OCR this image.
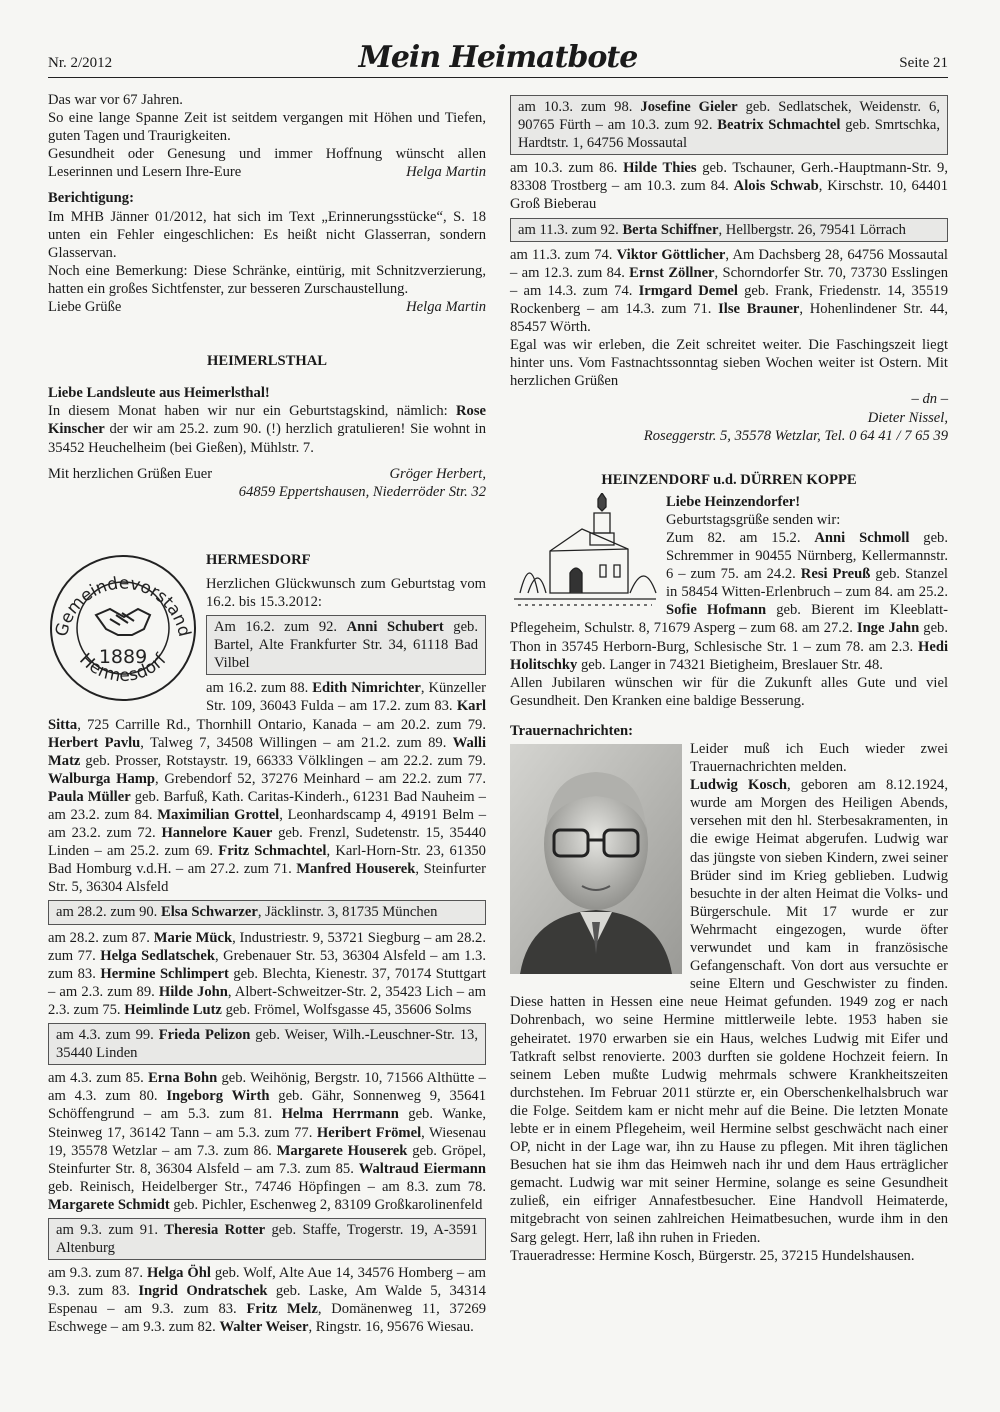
Nr. 2/2012	Mein Heimatbote	Seite 21

Das war vor 67 Jahren.

So eine lange Spanne Zeit ist seitdem vergangen mit Höhen und Tiefen, guten Tagen und Traurigkeiten.

Gesundheit oder Genesung und immer Hoffnung wünscht allen Leserinnen und Lesern Ihre-Eure	Helga Martin

Berichtigung:

Im MHB Jänner 01/2012, hat sich im Text „Erinnerungsstücke“, S. 18 unten ein Fehler eingeschlichen: Es heißt nicht Glasserran, sondern Glasservan.

Noch eine Bemerkung: Diese Schränke, eintürig, mit Schnitzverzierung, hatten ein großes Sichtfenster, zur besseren Zurschaustellung.

Liebe Grüße	Helga Martin

HEIMERLSTHAL

Liebe Landsleute aus Heimerlsthal!

In diesem Monat haben wir nur ein Geburtstagskind, nämlich: Rose Kinscher der wir am 25.2. zum 90. (!) herzlich gratulieren! Sie wohnt in 35452 Heuchelheim (bei Gießen), Mühlstr. 7.

Mit herzlichen Grüßen Euer	Gröger Herbert,

64859 Eppertshausen, Niederröder Str. 32

Gemeindevorstand
Hermesdorf
1889

HERMESDORF

Herzlichen Glückwunsch zum Geburtstag vom 16.2. bis 15.3.2012:

Am 16.2. zum 92. Anni Schubert geb. Bartel, Alte Frankfurter Str. 34, 61118 Bad Vilbel

am 16.2. zum 88. Edith Nimrichter, Künzeller Str. 109, 36043 Fulda – am 17.2. zum 83. Karl Sitta, 725 Carrille Rd., Thornhill Ontario, Kanada – am 20.2. zum 79. Herbert Pavlu, Talweg 7, 34508 Willingen – am 21.2. zum 89. Walli Matz geb. Prosser, Rotstaystr. 19, 66333 Völklingen – am 22.2. zum 79. Walburga Hamp, Grebendorf 52, 37276 Meinhard – am 22.2. zum 77. Paula Müller geb. Barfuß, Kath. Caritas-Kinderh., 61231 Bad Nauheim – am 23.2. zum 84. Maximilian Grottel, Leonhardscamp 4, 49191 Belm – am 23.2. zum 72. Hannelore Kauer geb. Frenzl, Sudetenstr. 15, 35440 Linden – am 25.2. zum 69. Fritz Schmachtel, Karl-Horn-Str. 23, 61350 Bad Homburg v.d.H. – am 27.2. zum 71. Manfred Houserek, Steinfurter Str. 5, 36304 Alsfeld

am 28.2. zum 90. Elsa Schwarzer, Jäcklinstr. 3, 81735 München

am 28.2. zum 87. Marie Mück, Industriestr. 9, 53721 Siegburg – am 28.2. zum 77. Helga Sedlatschek, Grebenauer Str. 53, 36304 Alsfeld – am 1.3. zum 83. Hermine Schlimpert geb. Blechta, Kienestr. 37, 70174 Stuttgart – am 2.3. zum 89. Hilde John, Albert-Schweitzer-Str. 2, 35423 Lich – am 2.3. zum 75. Heimlinde Lutz geb. Frömel, Wolfsgasse 45, 35606 Solms

am 4.3. zum 99. Frieda Pelizon geb. Weiser, Wilh.-Leuschner-Str. 13, 35440 Linden

am 4.3. zum 85. Erna Bohn geb. Weihönig, Bergstr. 10, 71566 Althütte – am 4.3. zum 80. Ingeborg Wirth geb. Gähr, Sonnenweg 9, 35641 Schöffengrund – am 5.3. zum 81. Helma Herrmann geb. Wanke, Steinweg 17, 36142 Tann – am 5.3. zum 77. Heribert Frömel, Wiesenau 19, 35578 Wetzlar – am 7.3. zum 86. Margarete Houserek geb. Gröpel, Steinfurter Str. 8, 36304 Alsfeld – am 7.3. zum 85. Waltraud Eiermann geb. Reinisch, Heidelberger Str., 74746 Höpfingen – am 8.3. zum 78. Margarete Schmidt geb. Pichler, Eschenweg 2, 83109 Großkarolinenfeld

am 9.3. zum 91. Theresia Rotter geb. Staffe, Trogerstr. 19, A-3591 Altenburg

am 9.3. zum 87. Helga Öhl geb. Wolf, Alte Aue 14, 34576 Homberg – am 9.3. zum 83. Ingrid Ondratschek geb. Laske, Am Walde 5, 34314 Espenau – am 9.3. zum 83. Fritz Melz, Domänenweg 11, 37269 Eschwege – am 9.3. zum 82. Walter Weiser, Ringstr. 16, 95676 Wiesau.

am 10.3. zum 98. Josefine Gieler geb. Sedlatschek, Weidenstr. 6, 90765 Fürth – am 10.3. zum 92. Beatrix Schmachtel geb. Smrtschka, Hardtstr. 1, 64756 Mossautal

am 10.3. zum 86. Hilde Thies geb. Tschauner, Gerh.-Hauptmann-Str. 9, 83308 Trostberg – am 10.3. zum 84. Alois Schwab, Kirschstr. 10, 64401 Groß Bieberau

am 11.3. zum 92. Berta Schiffner, Hellbergstr. 26, 79541 Lörrach

am 11.3. zum 74. Viktor Göttlicher, Am Dachsberg 28, 64756 Mossautal – am 12.3. zum 84. Ernst Zöllner, Schorndorfer Str. 70, 73730 Esslingen – am 14.3. zum 74. Irmgard Demel geb. Frank, Friedenstr. 14, 35519 Rockenberg – am 14.3. zum 71. Ilse Brauner, Hohenlindener Str. 44, 85457 Wörth.

Egal was wir erleben, die Zeit schreitet weiter. Die Faschingszeit liegt hinter uns. Vom Fastnachtssonntag sieben Wochen weiter ist Ostern. Mit herzlichen Grüßen

– dn –

Dieter Nissel,

Roseggerstr. 5, 35578 Wetzlar, Tel. 0 64 41 / 7 65 39

HEINZENDORF u.d. DÜRREN KOPPE

Liebe Heinzendorfer!

Geburtstagsgrüße senden wir:

Zum 82. am 15.2. Anni Schmoll geb. Schremmer in 90455 Nürnberg, Kellermannstr. 6 – zum 75. am 24.2. Resi Preuß geb. Stanzel in 58454 Witten-Erlenbruch – zum 84. am 25.2. Sofie Hofmann geb. Bierent im Kleeblatt-Pflegeheim, Schulstr. 8, 71679 Asperg – zum 68. am 27.2. Inge Jahn geb. Thon in 35745 Herborn-Burg, Schlesische Str. 1 – zum 78. am 2.3. Hedi Holitschky geb. Langer in 74321 Bietigheim, Breslauer Str. 48.

Allen Jubilaren wünschen wir für die Zukunft alles Gute und viel Gesundheit. Den Kranken eine baldige Besserung.

Trauernachrichten:

Leider muß ich Euch wieder zwei Trauernachrichten melden.

Ludwig Kosch, geboren am 8.12.1924, wurde am Morgen des Heiligen Abends, versehen mit den hl. Sterbesakramenten, in die ewige Heimat abgerufen. Ludwig war das jüngste von sieben Kindern, zwei seiner Brüder sind im Krieg geblieben. Ludwig besuchte in der alten Heimat die Volks- und Bürgerschule. Mit 17 wurde er zur Wehrmacht eingezogen, wurde öfter verwundet und kam in französische Gefangenschaft. Von dort aus versuchte er seine Eltern und Geschwister zu finden. Diese hatten in Hessen eine neue Heimat gefunden. 1949 zog er nach Dohrenbach, wo seine Hermine mittlerweile lebte. 1953 haben sie geheiratet. 1970 erwarben sie ein Haus, welches Ludwig mit Eifer und Tatkraft selbst renovierte. 2003 durften sie goldene Hochzeit feiern. In seinem Leben mußte Ludwig mehrmals schwere Krankheitszeiten durchstehen. Im Februar 2011 stürzte er, ein Oberschenkelhalsbruch war die Folge. Seitdem kam er nicht mehr auf die Beine. Die letzten Monate lebte er in einem Pflegeheim, weil Hermine selbst geschwächt nach einer OP, nicht in der Lage war, ihn zu Hause zu pflegen. Mit ihren täglichen Besuchen hat sie ihm das Heimweh nach ihr und dem Haus erträglicher gemacht. Ludwig war mit seiner Hermine, solange es seine Gesundheit zuließ, ein eifriger Annafestbesucher. Eine Handvoll Heimaterde, mitgebracht von seinen zahlreichen Heimatbesuchen, wurde ihm in den Sarg gelegt. Herr, laß ihn ruhen in Frieden.

Traueradresse: Hermine Kosch, Bürgerstr. 25, 37215 Hundelshausen.
